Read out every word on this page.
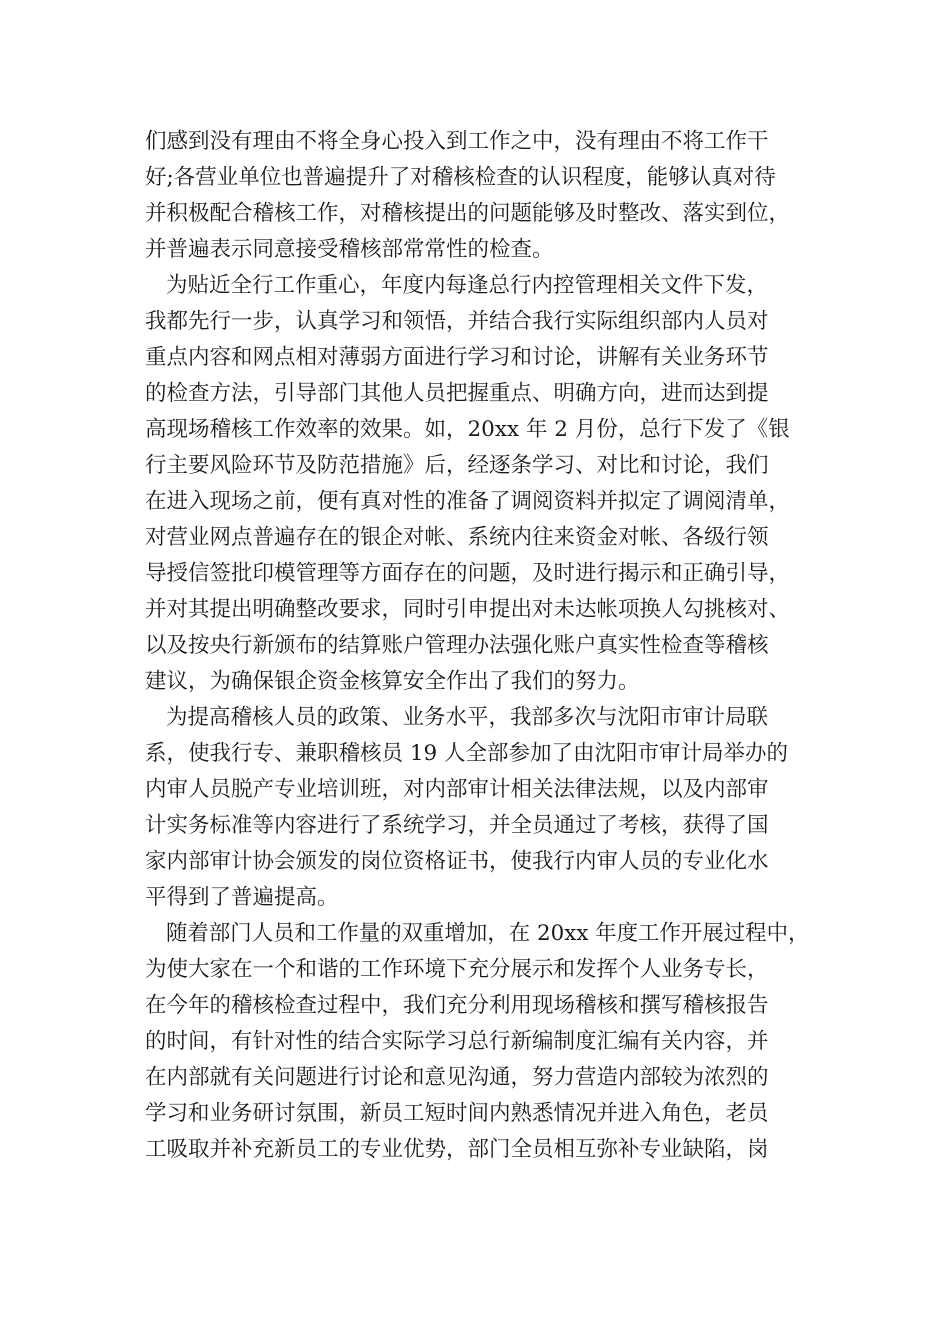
们感到没有理由不将全身心投入到工作之中，没有理由不将工作干
好;各营业单位也普遍提升了对稽核检查的认识程度，能够认真对待
并积极配合稽核工作，对稽核提出的问题能够及时整改、落实到位，
并普遍表示同意接受稽核部常常性的检查。
为贴近全行工作重心，年度内每逢总行内控管理相关文件下发，
我都先行一步，认真学习和领悟，并结合我行实际组织部内人员对
重点内容和网点相对薄弱方面进行学习和讨论，讲解有关业务环节
的检查方法，引导部门其他人员把握重点、明确方向，进而达到提
高现场稽核工作效率的效果。如，20xx 年 2 月份，总行下发了《银
行主要风险环节及防范措施》后，经逐条学习、对比和讨论，我们
在进入现场之前，便有真对性的准备了调阅资料并拟定了调阅清单，
对营业网点普遍存在的银企对帐、系统内往来资金对帐、各级行领
导授信签批印模管理等方面存在的问题，及时进行揭示和正确引导，
并对其提出明确整改要求，同时引申提出对未达帐项换人勾挑核对、
以及按央行新颁布的结算账户管理办法强化账户真实性检查等稽核
建议，为确保银企资金核算安全作出了我们的努力。
为提高稽核人员的政策、业务水平，我部多次与沈阳市审计局联
系，使我行专、兼职稽核员 19 人全部参加了由沈阳市审计局举办的
内审人员脱产专业培训班，对内部审计相关法律法规，以及内部审
计实务标准等内容进行了系统学习，并全员通过了考核，获得了国
家内部审计协会颁发的岗位资格证书，使我行内审人员的专业化水
平得到了普遍提高。
随着部门人员和工作量的双重增加，在 20xx 年度工作开展过程中，
为使大家在一个和谐的工作环境下充分展示和发挥个人业务专长，
在今年的稽核检查过程中，我们充分利用现场稽核和撰写稽核报告
的时间，有针对性的结合实际学习总行新编制度汇编有关内容，并
在内部就有关问题进行讨论和意见沟通，努力营造内部较为浓烈的
学习和业务研讨氛围，新员工短时间内熟悉情况并进入角色，老员
工吸取并补充新员工的专业优势，部门全员相互弥补专业缺陷，岗
